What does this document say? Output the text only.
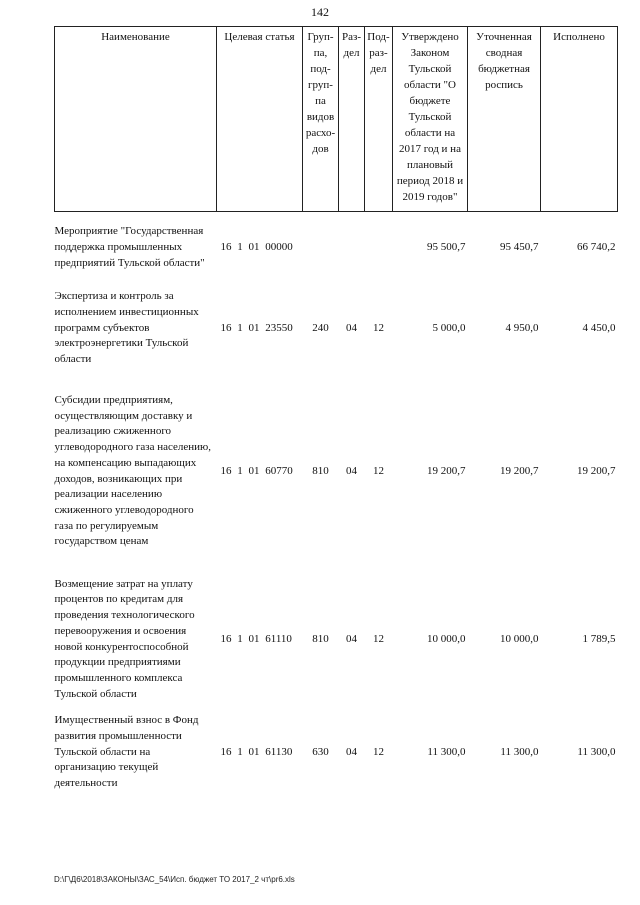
142
Наименование	Целевая статья	Груп-па, под-груп-па видов расхо-дов	Раз-дел	Под-раз-дел	Утверждено Законом Тульской области "О бюджете Тульской области на 2017 год и на плановый период 2018 и 2019 годов"	Уточненная сводная бюджетная роспись	Исполнено
Мероприятие "Государственная поддержка промышленных предприятий Тульской области"	16 1 01 00000				95 500,7	95 450,7	66 740,2
Экспертиза и контроль за исполнением инвестиционных программ субъектов электроэнергетики Тульской области	16 1 01 23550	240	04	12	5 000,0	4 950,0	4 450,0
Субсидии предприятиям, осуществляющим доставку и реализацию сжиженного углеводородного газа населению, на компенсацию выпадающих доходов, возникающих при реализации населению сжиженного углеводородного газа по регулируемым государством ценам	16 1 01 60770	810	04	12	19 200,7	19 200,7	19 200,7
Возмещение затрат на уплату процентов по кредитам для проведения технологического перевооружения и освоения новой конкурентоспособной продукции предприятиями промышленного комплекса Тульской области	16 1 01 61110	810	04	12	10 000,0	10 000,0	1 789,5
Имущественный взнос в Фонд развития промышленности Тульской области на организацию текущей деятельности	16 1 01 61130	630	04	12	11 300,0	11 300,0	11 300,0
D:\Г\Д6\2018\ЗАКОНЫ\ЗАС_54\Исп. бюджет ТО 2017_2 чт\pr6.xls
